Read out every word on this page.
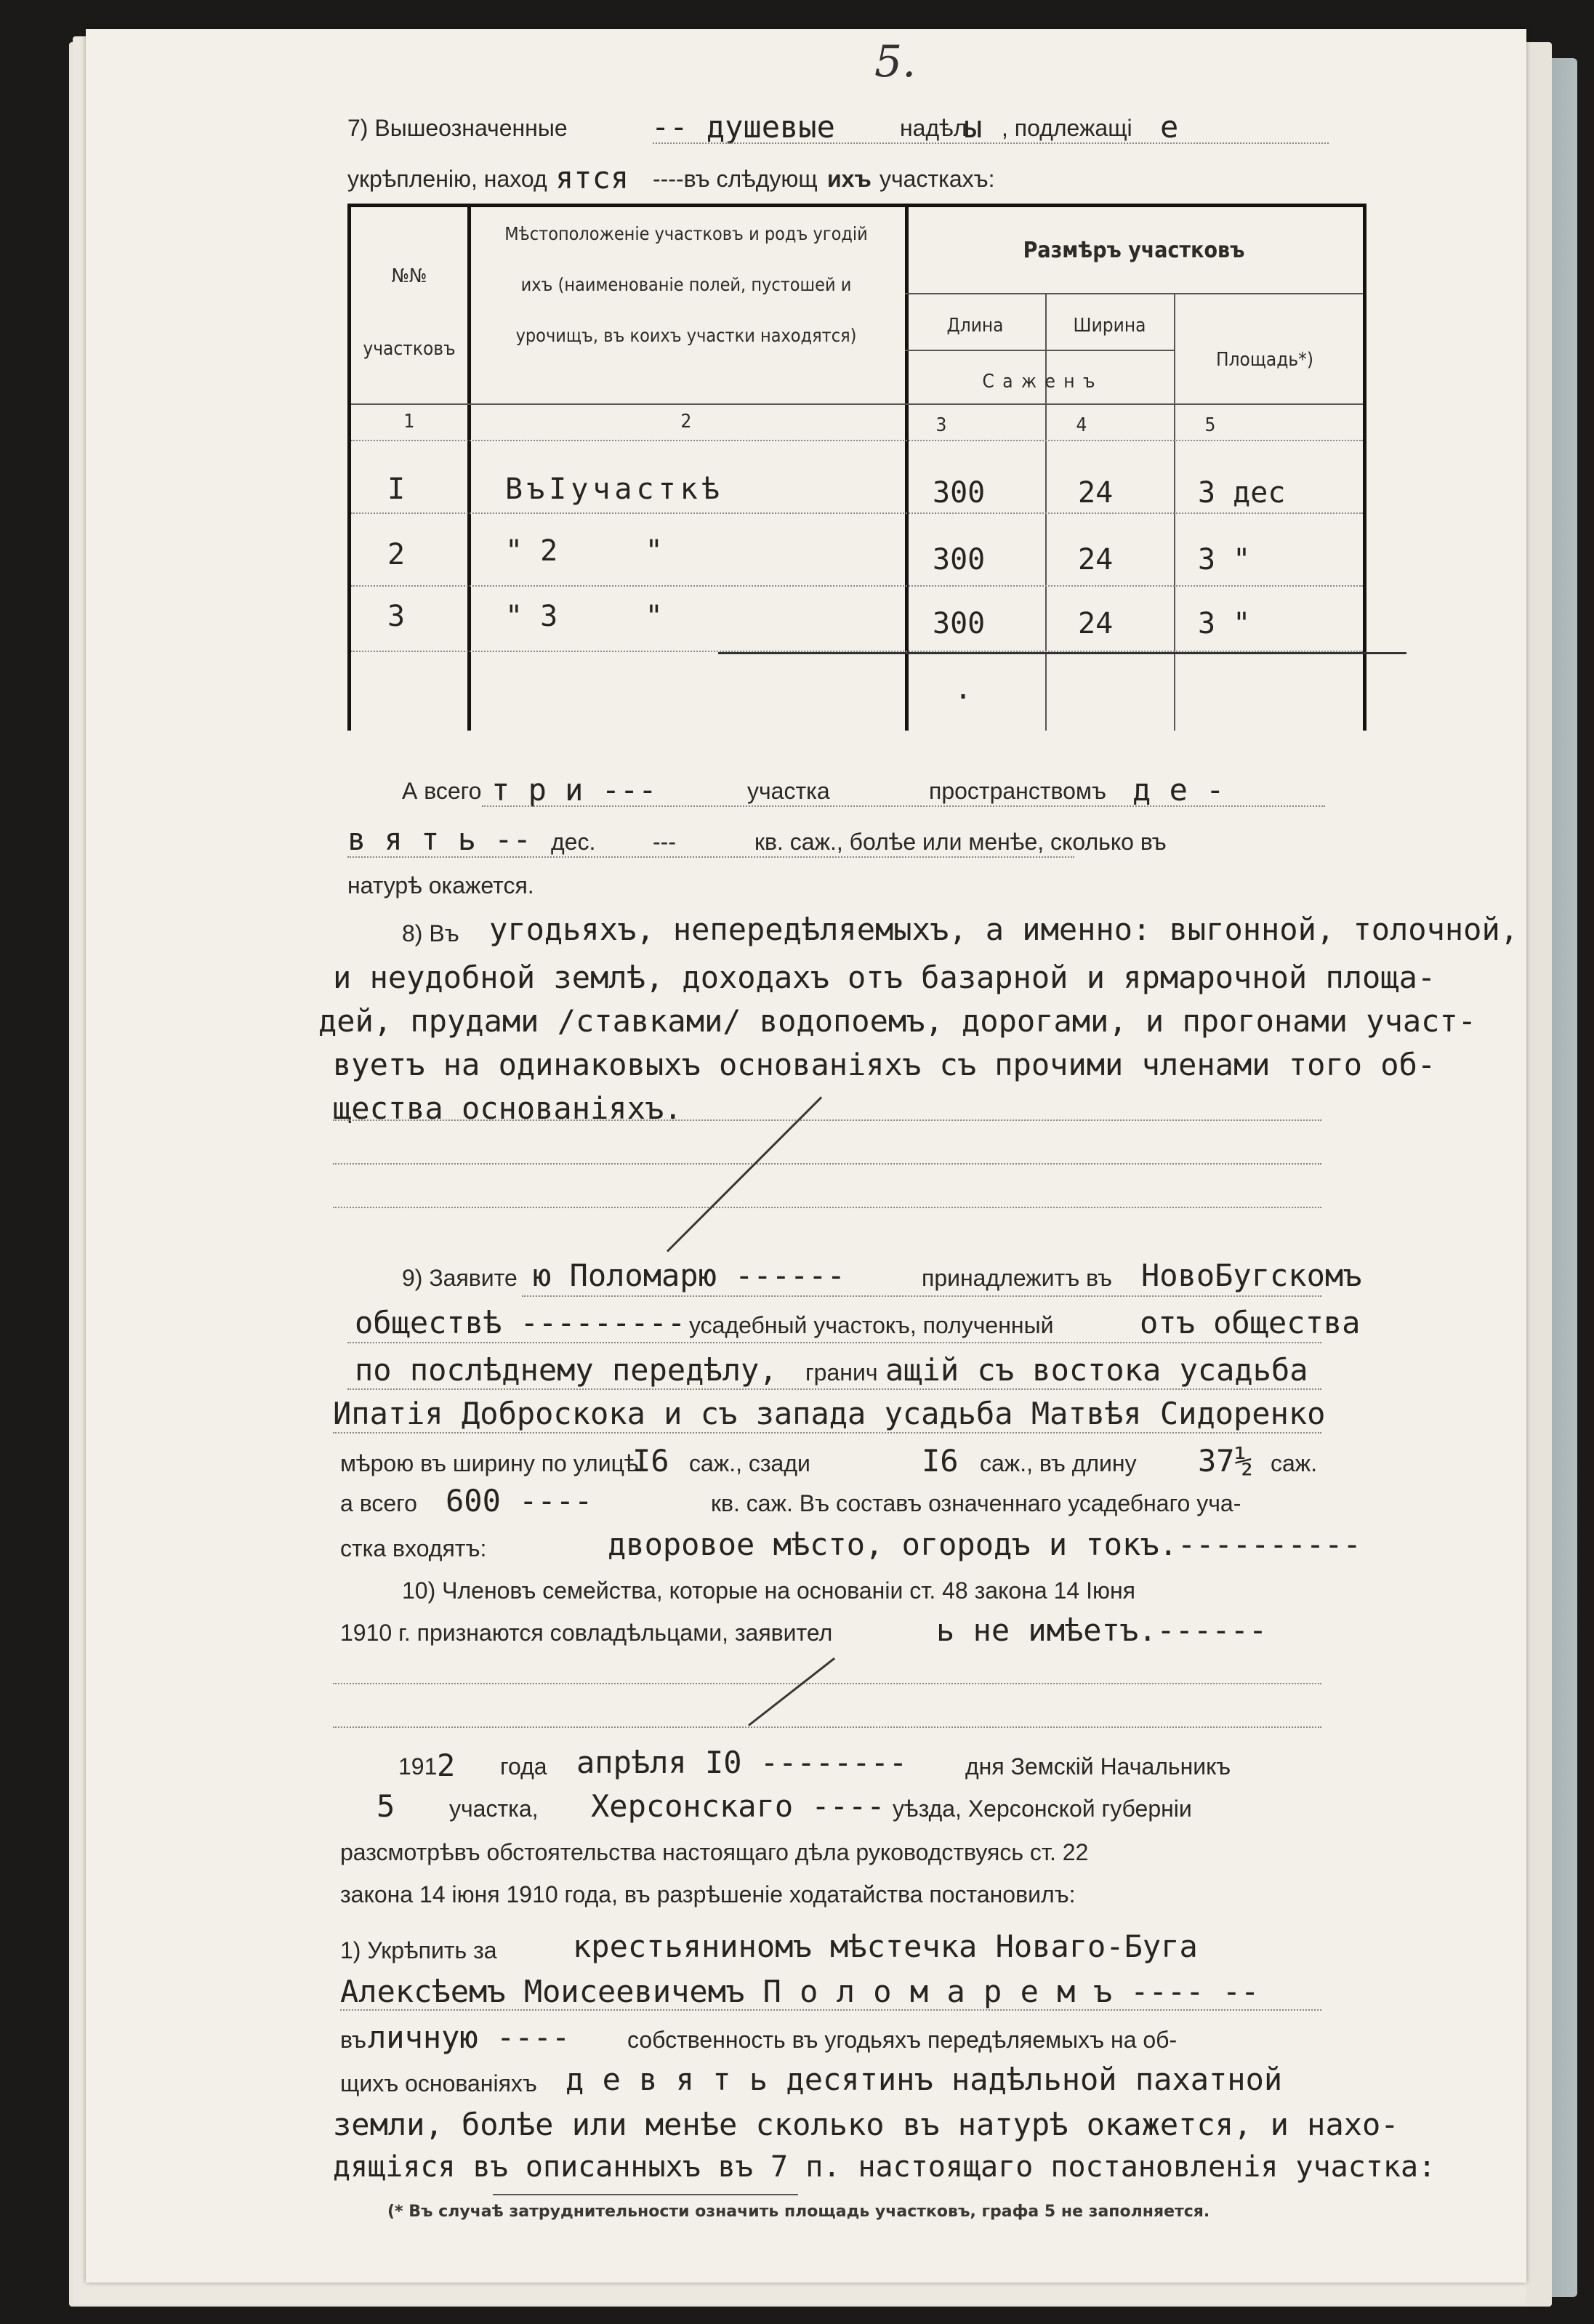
5.
7) Вышеозначенные	-- душевые	надѣл
ы , подлежащі е
укрѣпленію, наход ятся ----въ слѣдующ ихъ участкахъ:
№№
участковъ
Мѣстоположеніе участковъ и родъ угодій
ихъ (наименованіе полей, пустошей и
урочищъ, въ коихъ участки находятся)
Размѣръ участковъ
Длина	Ширина
С а ж е н ъ
Площадь*)
1	2	3	4	5
I	ВъIучасткѣ	300	24	3 дес
2	" 2     "	300	24	3 "
3	" 3     "	300	24	3 "
.
А всего т р и ---	участка	пространствомъ д е -
в я т ь -- дес. ---	кв. саж., болѣе или менѣе, сколько въ
натурѣ окажется.
8) Въ угодьяхъ, непередѣляемыхъ, а именно: выгонной, толочной,
и неудобной землѣ, доходахъ отъ базарной и ярмарочной площа-
дей, прудами /ставками/ водопоемъ, дорогами, и прогонами участ-
вуетъ на одинаковыхъ основаніяхъ съ прочими членами того об-
щества основаніяхъ.
9) Заявите ю Поломарю ------	принадлежитъ въ НовоБугскомъ
обществѣ --------- усадебный участокъ, полученный	отъ общества
по послѣднему передѣлу, гранич ащій съ востока усадьба
Ипатія Доброскока и съ запада усадьба Матвѣя Сидоренко
мѣрою въ ширину по улицѣ
I6 саж., сзади	I6 саж., въ длину 37½ саж.
а всего 600 ----	кв. саж. Въ составъ означеннаго усадебнаго уча-
стка входятъ:	дворовое мѣсто, огородъ и токъ.----------
10) Членовъ семейства, которые на основаніи ст. 48 закона 14 Іюня
1910 г. признаются совладѣльцами, заявител	ь не имѣетъ.------
191 2 года апрѣля I0 -------- дня Земскій Начальникъ
5 участка, Херсонскаго ---- уѣзда, Херсонской губерніи
разсмотрѣвъ обстоятельства настоящаго дѣла руководствуясь ст. 22
закона 14 іюня 1910 года, въ разрѣшеніе ходатайства постановилъ:
1) Укрѣпить за крестьяниномъ мѣстечка Новаго-Буга
Алексѣемъ Моисеевичемъ П о л о м а р е м ъ ---- --
въ личную ---- собственность въ угодьяхъ передѣляемыхъ на об-
щихъ основаніяхъ д е в я т ь десятинъ надѣльной пахатной
земли, болѣе или менѣе сколько въ натурѣ окажется, и нахо-
дящіяся въ описанныхъ въ 7 п. настоящаго постановленія участка:
(* Въ случаѣ затруднительности означить площадь участковъ, графа 5 не заполняется.
